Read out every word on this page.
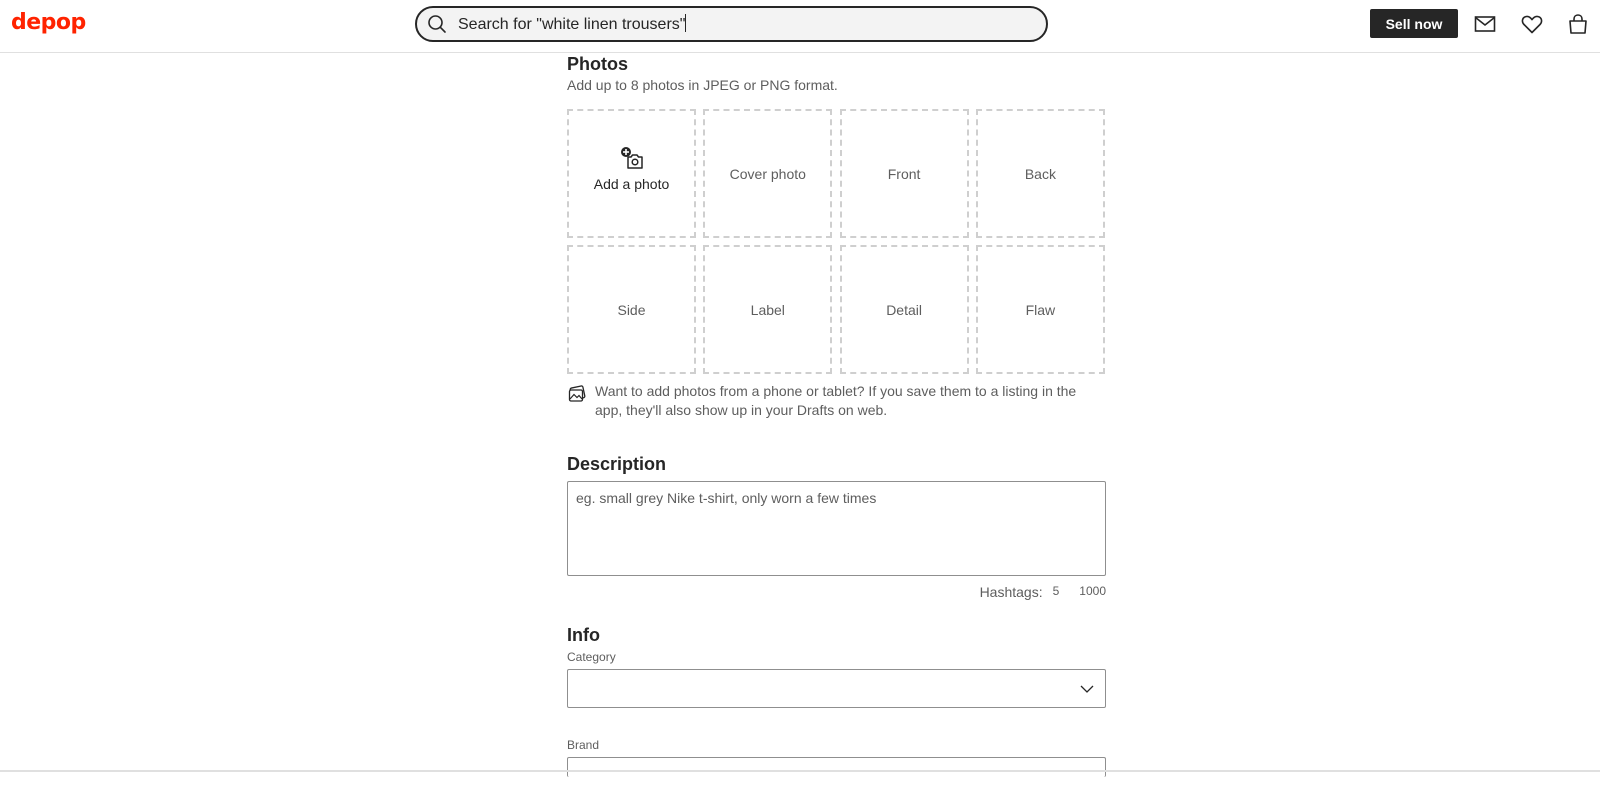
depop	Search for "white linen trousers"	Sell now
Photos
Add up to 8 photos in JPEG or PNG format.
Add a photo
Cover photo	Front	Back
Side	Label	Detail	Flaw
Want to add photos from a phone or tablet? If you save them to a listing in the app, they'll also show up in your Drafts on web.
Description
eg. small grey Nike t-shirt, only worn a few times
Hashtags: 5 1000
Info
Category
Brand
